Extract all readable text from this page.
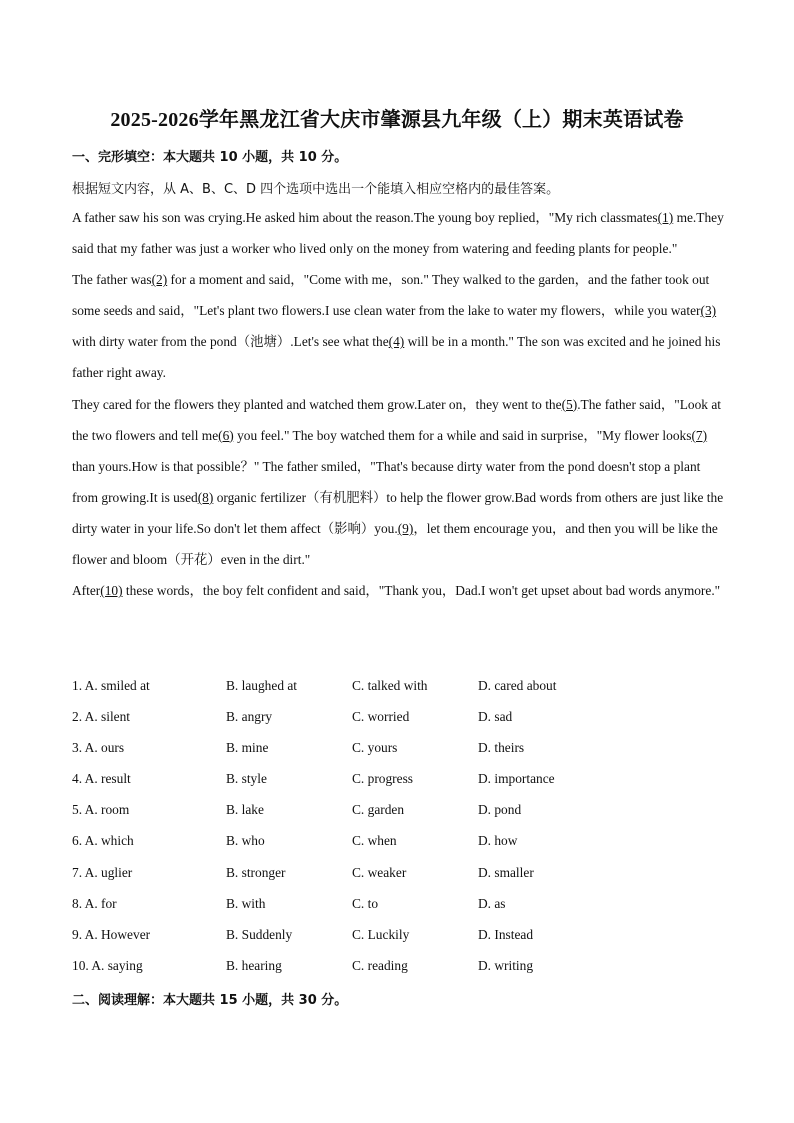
2025-2026学年黑龙江省大庆市肇源县九年级（上）期末英语试卷
一、完形填空：本大题共 10 小题，共 10 分。
根据短文内容，从 A、B、C、D 四个选项中选出一个能填入相应空格内的最佳答案。

A father saw his son was crying.He asked him about the reason.The young boy replied，"My rich classmates(1) me.They said that my father was just a worker who lived only on the money from watering and feeding plants for people."

The father was(2) for a moment and said，"Come with me，son." They walked to the garden，and the father took out some seeds and said，"Let's plant two flowers.I use clean water from the lake to water my flowers，while you water(3) with dirty water from the pond（池塘）.Let's see what the(4) will be in a month." The son was excited and he joined his father right away.

They cared for the flowers they planted and watched them grow.Later on，they went to the(5).The father said，"Look at the two flowers and tell me(6) you feel." The boy watched them for a while and said in surprise，"My flower looks(7) than yours.How is that possible？" The father smiled，"That's because dirty water from the pond doesn't stop a plant from growing.It is used(8) organic fertilizer（有机肥料）to help the flower grow.Bad words from others are just like the dirty water in your life.So don't let them affect（影响）you.(9)，let them encourage you，and then you will be like the flower and bloom（开花）even in the dirt."

After(10) these words，the boy felt confident and said，"Thank you，Dad.I won't get upset about bad words anymore."

1. A. smiled at	B. laughed at	C. talked with	D. cared about
2. A. silent	B. angry	C. worried	D. sad
3. A. ours	B. mine	C. yours	D. theirs
4. A. result	B. style	C. progress	D. importance
5. A. room	B. lake	C. garden	D. pond
6. A. which	B. who	C. when	D. how
7. A. uglier	B. stronger	C. weaker	D. smaller
8. A. for	B. with	C. to	D. as
9. A. However	B. Suddenly	C. Luckily	D. Instead
10. A. saying	B. hearing	C. reading	D. writing
二、阅读理解：本大题共 15 小题，共 30 分。
